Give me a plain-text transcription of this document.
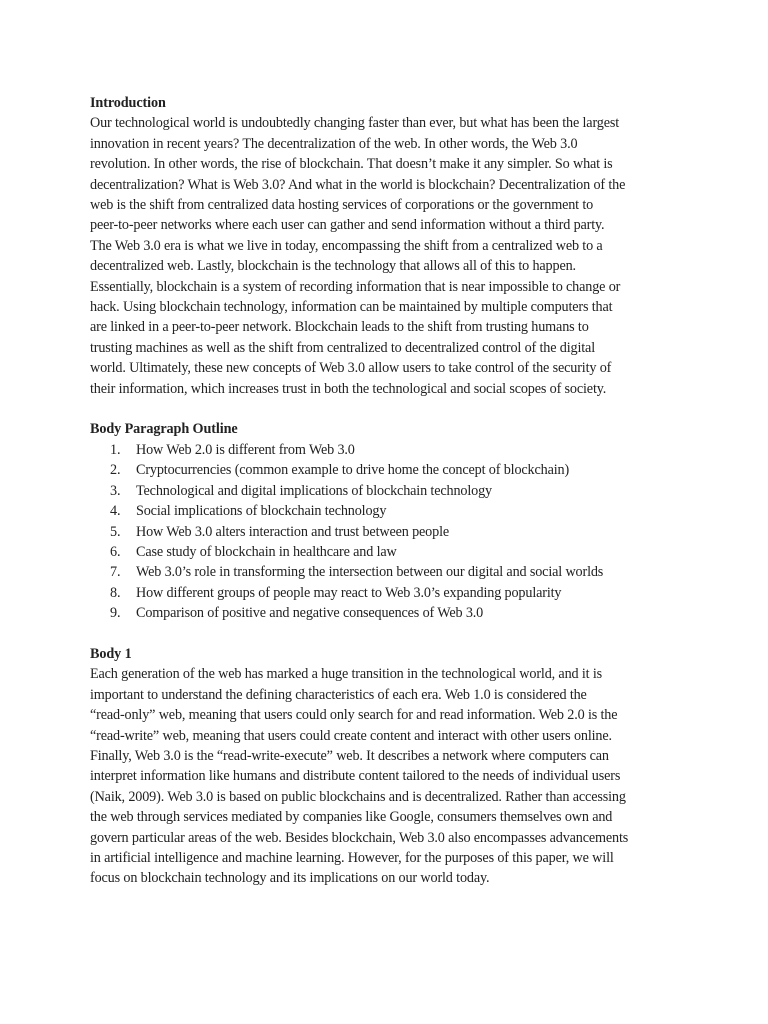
Introduction

Our technological world is undoubtedly changing faster than ever, but what has been the largest
innovation in recent years? The decentralization of the web. In other words, the Web 3.0
revolution. In other words, the rise of blockchain. That doesn’t make it any simpler. So what is
decentralization? What is Web 3.0? And what in the world is blockchain? Decentralization of the
web is the shift from centralized data hosting services of corporations or the government to
peer-to-peer networks where each user can gather and send information without a third party.
The Web 3.0 era is what we live in today, encompassing the shift from a centralized web to a
decentralized web. Lastly, blockchain is the technology that allows all of this to happen.
Essentially, blockchain is a system of recording information that is near impossible to change or
hack. Using blockchain technology, information can be maintained by multiple computers that
are linked in a peer-to-peer network. Blockchain leads to the shift from trusting humans to
trusting machines as well as the shift from centralized to decentralized control of the digital
world. Ultimately, these new concepts of Web 3.0 allow users to take control of the security of
their information, which increases trust in both the technological and social scopes of society.

Body Paragraph Outline
1.	How Web 2.0 is different from Web 3.0
2.	Cryptocurrencies (common example to drive home the concept of blockchain)
3.	Technological and digital implications of blockchain technology
4.	Social implications of blockchain technology
5.	How Web 3.0 alters interaction and trust between people
6.	Case study of blockchain in healthcare and law
7.	Web 3.0’s role in transforming the intersection between our digital and social worlds
8.	How different groups of people may react to Web 3.0’s expanding popularity
9.	Comparison of positive and negative consequences of Web 3.0
Body 1

Each generation of the web has marked a huge transition in the technological world, and it is
important to understand the defining characteristics of each era. Web 1.0 is considered the
“read-only” web, meaning that users could only search for and read information. Web 2.0 is the
“read-write” web, meaning that users could create content and interact with other users online.
Finally, Web 3.0 is the “read-write-execute” web. It describes a network where computers can
interpret information like humans and distribute content tailored to the needs of individual users
(Naik, 2009). Web 3.0 is based on public blockchains and is decentralized. Rather than accessing
the web through services mediated by companies like Google, consumers themselves own and
govern particular areas of the web. Besides blockchain, Web 3.0 also encompasses advancements
in artificial intelligence and machine learning. However, for the purposes of this paper, we will
focus on blockchain technology and its implications on our world today.
